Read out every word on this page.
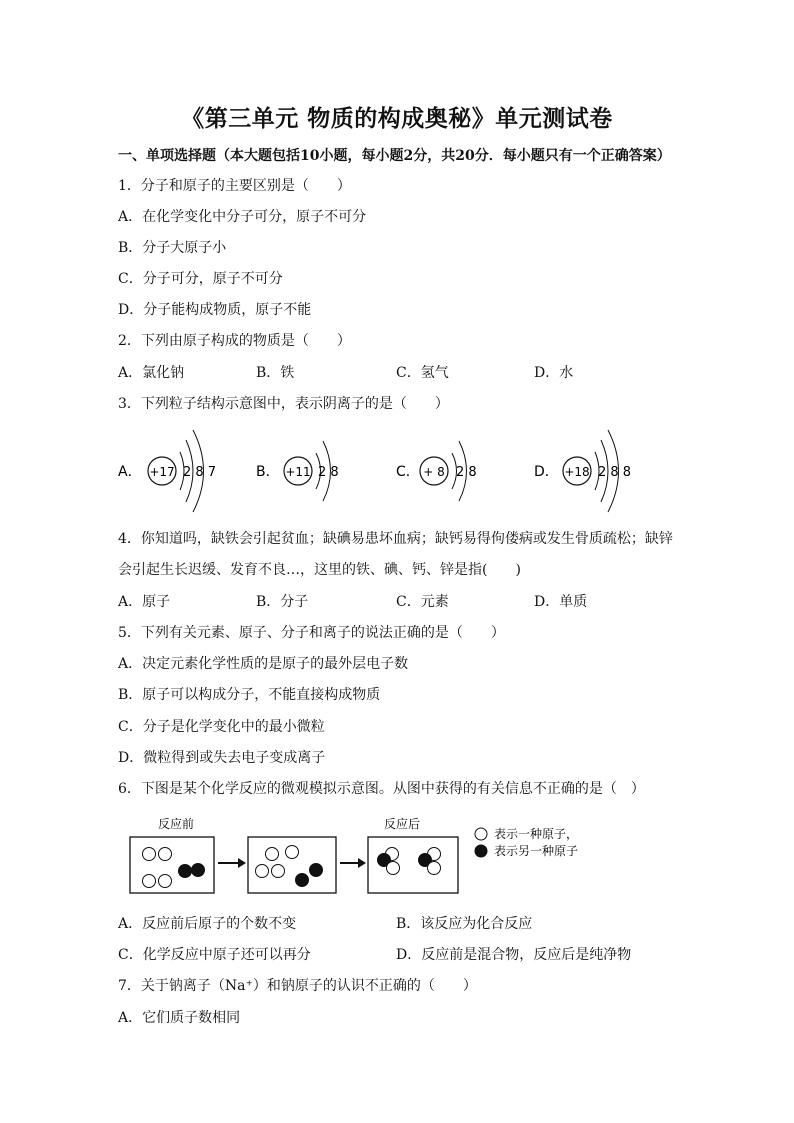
《第三单元 物质的构成奥秘》单元测试卷
一、单项选择题（本大题包括10小题，每小题2分，共20分．每小题只有一个正确答案）
1．分子和原子的主要区别是（　　）
A．在化学变化中分子可分，原子不可分
B．分子大原子小
C．分子可分，原子不可分
D．分子能构成物质，原子不能
2．下列由原子构成的物质是（　　）
A．氯化钠	B．铁	C．氢气	D．水
3．下列粒子结构示意图中，表示阴离子的是（　　）
A． +17 2 8 7	B． +11 2 8	C． + 8 2 8	D． +18 2 8 8
4．你知道吗，缺铁会引起贫血；缺碘易患坏血病；缺钙易得佝偻病或发生骨质疏松；缺锌
会引起生长迟缓、发育不良…，这里的铁、碘、钙、锌是指(　　)
A．原子	B．分子	C．元素	D．单质
5．下列有关元素、原子、分子和离子的说法正确的是（　　）
A．决定元素化学性质的是原子的最外层电子数
B．原子可以构成分子，不能直接构成物质
C．分子是化学变化中的最小微粒
D．微粒得到或失去电子变成离子
6．下图是某个化学反应的微观模拟示意图。从图中获得的有关信息不正确的是（　）
反应前	反应后
表示一种原子，
表示另一种原子
A．反应前后原子的个数不变	B．该反应为化合反应
C．化学反应中原子还可以再分	D．反应前是混合物，反应后是纯净物
7．关于钠离子（Na⁺）和钠原子的认识不正确的（　　）
A．它们质子数相同
